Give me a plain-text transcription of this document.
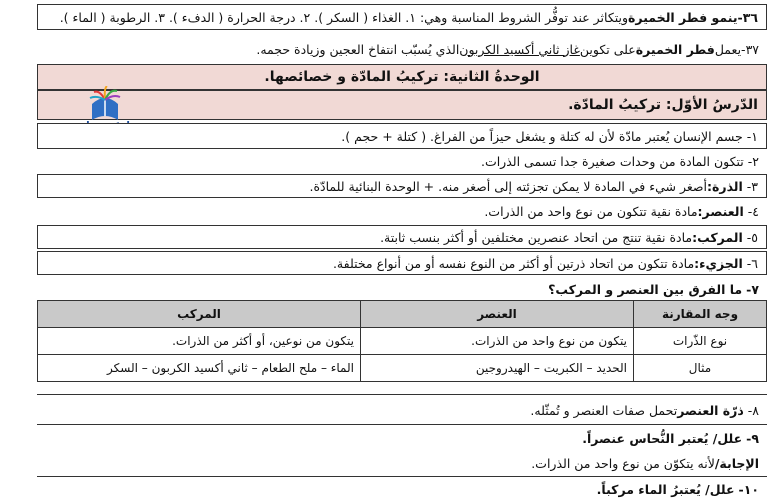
٣٦-
ينمو فطر الخميرة
ويتكاثر عند توفُّر الشروط المناسبة وهي: ١. الغذاء ( السكر ). ٢. درجة الحرارة ( الدفء ). ٣. الرطوبة ( الماء ).
٣٧-
يعمل
فطر الخميرة
على تكوين
غاز ثاني أكسيد الكربون
الذي يُسبّب انتفاخ العجين وزيادة حجمه.
الوحدةُ الثانية: تركيبُ المادّة و خصائصها.
الدّرسُ الأوّل: تركيبُ المادّة.
١-

جسم الإنسان يُعتبر مادّة لأن له كتلة و يشغل حيزاً من الفراغ. ( كتلة + حجم ).
٢-

تتكون المادة من وحدات صغيرة جدا تسمى الذرات.
٣-

الذرة:
أصغر شيء في المادة لا يمكن تجزئته إلى أصغر منه. + الوحدة البنائية للمادّة.
٤-

العنصر:
مادة نقية تتكون من نوع واحد من الذرات.
٥-

المركب:
مادة نقية تنتج من اتحاد عنصرين مختلفين أو أكثر بنسب ثابتة.
٦-

الجزيء:
مادة تتكون من اتحاد ذرتين أو أكثر من النوع نفسه أو من أنواع مختلفة.
٧-

ما الفرق بين العنصر و المركب؟
وجه المقارنة	العنصر	المركب
نوع الذّرات	يتكون من نوع واحد من الذرات.	يتكون من نوعين، أو أكثر من الذرات.
مثال	الحديد – الكبريت – الهيدروجين	الماء – ملح الطعام – ثاني أكسيد الكربون – السكر
٨-

ذرّة العنصر
تحمل صفات العنصر و تُمثّله.
٩-

علل/ يُعتبر النُّحاس عنصراً.
الإجابة/
لأنه يتكوّن من نوع واحد من الذرات.
١٠-

علل/ يُعتبرُ الماء مركباً.
